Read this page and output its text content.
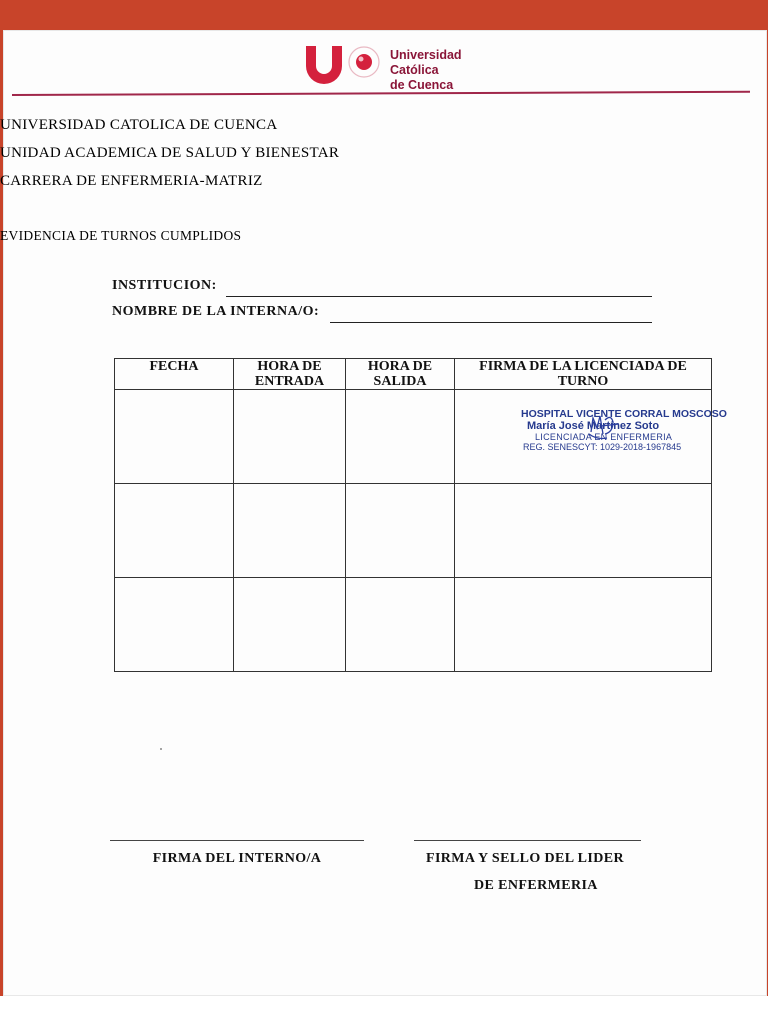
Universidad
Católica
de Cuenca
UNIVERSIDAD CATOLICA DE CUENCA
UNIDAD ACADEMICA DE SALUD Y BIENESTAR
CARRERA DE ENFERMERIA-MATRIZ
EVIDENCIA DE TURNOS CUMPLIDOS
INSTITUCION:
NOMBRE DE LA INTERNA/O:
FECHA	HORA DE ENTRADA	HORA DE SALIDA	FIRMA DE LA LICENCIADA DE TURNO

			HOSPITAL VICENTE CORRAL MOSCOSO
María José Martínez Soto
LICENCIADA EN ENFERMERIA
REG. SENESCYT: 1029-2018-1967845

FIRMA DEL INTERNO/A	FIRMA Y SELLO DEL LIDER
DE ENFERMERIA
